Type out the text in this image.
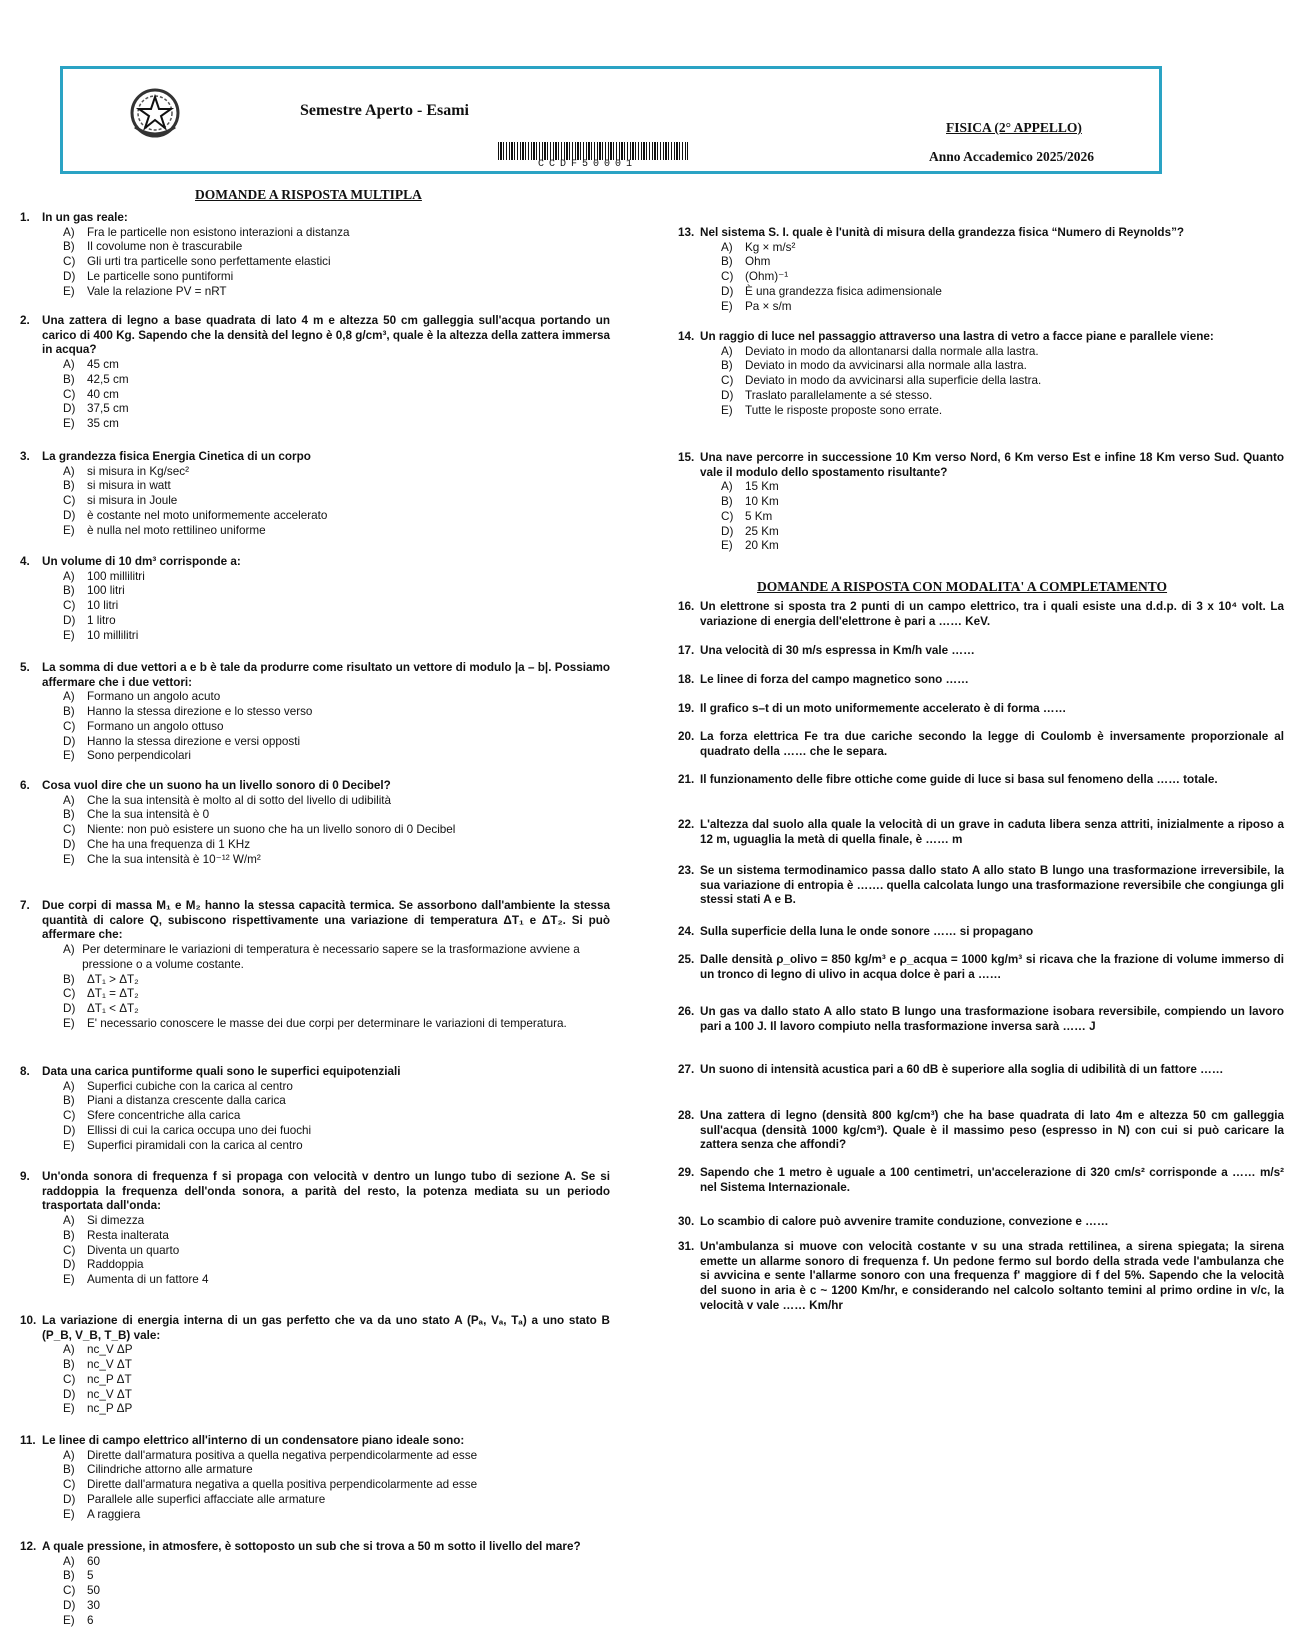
Semestre Aperto - Esami
CCDF50001
FISICA (2° APPELLO)
Anno Accademico 2025/2026
DOMANDE A RISPOSTA MULTIPLA
DOMANDE A RISPOSTA CON MODALITA' A COMPLETAMENTO
1.	In un gas reale:
A)	Fra le particelle non esistono interazioni a distanza
B)	Il covolume non è trascurabile
C) Gli urti tra particelle sono perfettamente elastici
D) Le particelle sono puntiformi
E)	Vale la relazione PV = nRT
2.	Una zattera di legno a base quadrata di lato 4 m e altezza 50 cm galleggia sull'acqua portando un carico di 400 Kg. Sapendo che la densità del legno è 0,8 g/cm³, quale è la altezza della zattera immersa in acqua?
A)	45 cm
B)	42,5 cm
C) 40 cm
D) 37,5 cm
E)	35 cm
3.	La grandezza fisica Energia Cinetica di un corpo
A)	si misura in Kg/sec²
B)	si misura in watt
C) si misura in Joule
D) è costante nel moto uniformemente accelerato
E)	è nulla nel moto rettilineo uniforme
4.	Un volume di 10 dm³ corrisponde a:
A)	100 millilitri
B)	100 litri
C) 10 litri
D) 1 litro
E)	10 millilitri
5.	La somma di due vettori a e b è tale da produrre come risultato un vettore di modulo |a – b|. Possiamo affermare che i due vettori:
A)	Formano un angolo acuto
B)	Hanno la stessa direzione e lo stesso verso
C) Formano un angolo ottuso
D) Hanno la stessa direzione e versi opposti
E)	Sono perpendicolari
6.	Cosa vuol dire che un suono ha un livello sonoro di 0 Decibel?
A)	Che la sua intensità è molto al di sotto del livello di udibilità
B)	Che la sua intensità è 0
C) Niente: non può esistere un suono che ha un livello sonoro di 0 Decibel
D) Che ha una frequenza di 1 KHz
E)	Che la sua intensità è 10⁻¹² W/m²
7.	Due corpi di massa M₁ e M₂ hanno la stessa capacità termica. Se assorbono dall'ambiente la stessa quantità di calore Q, subiscono rispettivamente una variazione di temperatura ΔT₁ e ΔT₂. Si può affermare che:
A) Per determinare le variazioni di temperatura è necessario sapere se la trasformazione avviene a pressione o a volume costante.
B)	ΔT₁ > ΔT₂
C) ΔT₁ = ΔT₂
D) ΔT₁ < ΔT₂
E)	E' necessario conoscere le masse dei due corpi per determinare le variazioni di temperatura.
8.	Data una carica puntiforme quali sono le superfici equipotenziali
A)	Superfici cubiche con la carica al centro
B)	Piani a distanza crescente dalla carica
C) Sfere concentriche alla carica
D) Ellissi di cui la carica occupa uno dei fuochi
E)	Superfici piramidali con la carica al centro
9.	Un'onda sonora di frequenza f si propaga con velocità v dentro un lungo tubo di sezione A. Se si raddoppia la frequenza dell'onda sonora, a parità del resto, la potenza mediata su un periodo trasportata dall'onda:
A)	Si dimezza
B)	Resta inalterata
C) Diventa un quarto
D) Raddoppia
E)	Aumenta di un fattore 4
10. La variazione di energia interna di un gas perfetto che va da uno stato A (Pₐ, Vₐ, Tₐ) a uno stato B (P_B, V_B, T_B) vale:
A)	nc_V ΔP
B)	nc_V ΔT
C) nc_P ΔT
D) nc_V ΔT
E)	nc_P ΔP
11. Le linee di campo elettrico all'interno di un condensatore piano ideale sono:
A)	Dirette dall'armatura positiva a quella negativa perpendicolarmente ad esse
B)	Cilindriche attorno alle armature
C) Dirette dall'armatura negativa a quella positiva perpendicolarmente ad esse
D) Parallele alle superfici affacciate alle armature
E)	A raggiera
12. A quale pressione, in atmosfere, è sottoposto un sub che si trova a 50 m sotto il livello del mare?
A)	60
B)	5
C) 50
D) 30
E)	6
13. Nel sistema S. I. quale è l'unità di misura della grandezza fisica “Numero di Reynolds”?
A)	Kg × m/s²
B)	Ohm
C) (Ohm)⁻¹
D) È una grandezza fisica adimensionale
E)	Pa × s/m
14. Un raggio di luce nel passaggio attraverso una lastra di vetro a facce piane e parallele viene:
A)	Deviato in modo da allontanarsi dalla normale alla lastra.
B)	Deviato in modo da avvicinarsi alla normale alla lastra.
C) Deviato in modo da avvicinarsi alla superficie della lastra.
D) Traslato parallelamente a sé stesso.
E)	Tutte le risposte proposte sono errate.
15. Una nave percorre in successione 10 Km verso Nord, 6 Km verso Est e infine 18 Km verso Sud. Quanto vale il modulo dello spostamento risultante?
A)	15 Km
B)	10 Km
C) 5 Km
D) 25 Km
E)	20 Km
16. Un elettrone si sposta tra 2 punti di un campo elettrico, tra i quali esiste una d.d.p. di 3 x 10⁴ volt. La variazione di energia dell'elettrone è pari a …… KeV.
17. Una velocità di 30 m/s espressa in Km/h vale ……
18. Le linee di forza del campo magnetico sono ……
19. Il grafico s–t di un moto uniformemente accelerato è di forma ……
20. La forza elettrica Fe tra due cariche secondo la legge di Coulomb è inversamente proporzionale al quadrato della …… che le separa.
21. Il funzionamento delle fibre ottiche come guide di luce si basa sul fenomeno della …… totale.
22. L'altezza dal suolo alla quale la velocità di un grave in caduta libera senza attriti, inizialmente a riposo a 12 m, uguaglia la metà di quella finale, è …… m
23. Se un sistema termodinamico passa dallo stato A allo stato B lungo una trasformazione irreversibile, la sua variazione di entropia è ……. quella calcolata lungo una trasformazione reversibile che congiunga gli stessi stati A e B.
24. Sulla superficie della luna le onde sonore …… si propagano
25. Dalle densità ρ_olivo = 850 kg/m³ e ρ_acqua = 1000 kg/m³ si ricava che la frazione di volume immerso di un tronco di legno di ulivo in acqua dolce è pari a ……
26. Un gas va dallo stato A allo stato B lungo una trasformazione isobara reversibile, compiendo un lavoro pari a 100 J. Il lavoro compiuto nella trasformazione inversa sarà …… J
27. Un suono di intensità acustica pari a 60 dB è superiore alla soglia di udibilità di un fattore ……
28. Una zattera di legno (densità 800 kg/cm³) che ha base quadrata di lato 4m e altezza 50 cm galleggia sull'acqua (densità 1000 kg/cm³). Quale è il massimo peso (espresso in N) con cui si può caricare la zattera senza che affondi?
29. Sapendo che 1 metro è uguale a 100 centimetri, un'accelerazione di 320 cm/s² corrisponde a …… m/s² nel Sistema Internazionale.
30. Lo scambio di calore può avvenire tramite conduzione, convezione e ……
31. Un'ambulanza si muove con velocità costante v su una strada rettilinea, a sirena spiegata; la sirena emette un allarme sonoro di frequenza f. Un pedone fermo sul bordo della strada vede l'ambulanza che si avvicina e sente l'allarme sonoro con una frequenza f' maggiore di f del 5%. Sapendo che la velocità del suono in aria è c ~ 1200 Km/hr, e considerando nel calcolo soltanto temini al primo ordine in v/c, la velocità v vale …… Km/hr
